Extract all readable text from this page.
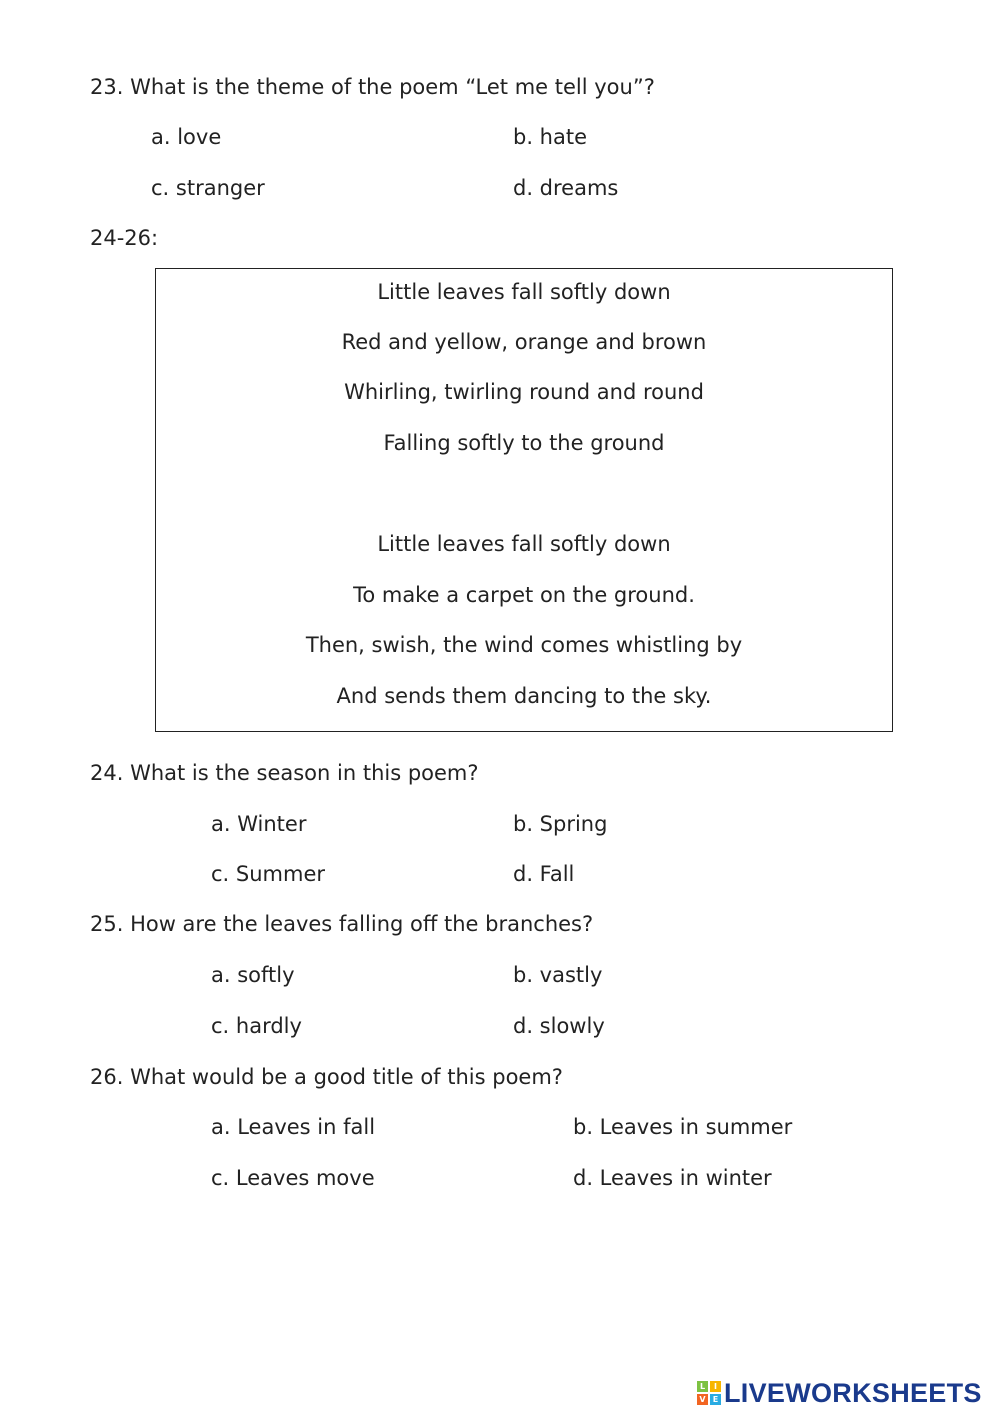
23. What is the theme of the poem “Let me tell you”?
a. love	b. hate
c. stranger	d. dreams
24-26:
Little leaves fall softly down
Red and yellow, orange and brown
Whirling, twirling round and round
Falling softly to the ground
Little leaves fall softly down
To make a carpet on the ground.
Then, swish, the wind comes whistling by
And sends them dancing to the sky.
24. What is the season in this poem?
a. Winter	b. Spring
c. Summer	d. Fall
25. How are the leaves falling off the branches?
a. softly	b. vastly
c. hardly	d. slowly
26. What would be a good title of this poem?
a. Leaves in fall	b. Leaves in summer
c. Leaves move	d. Leaves in winter
L	I
V E LIVEWORKSHEETS
